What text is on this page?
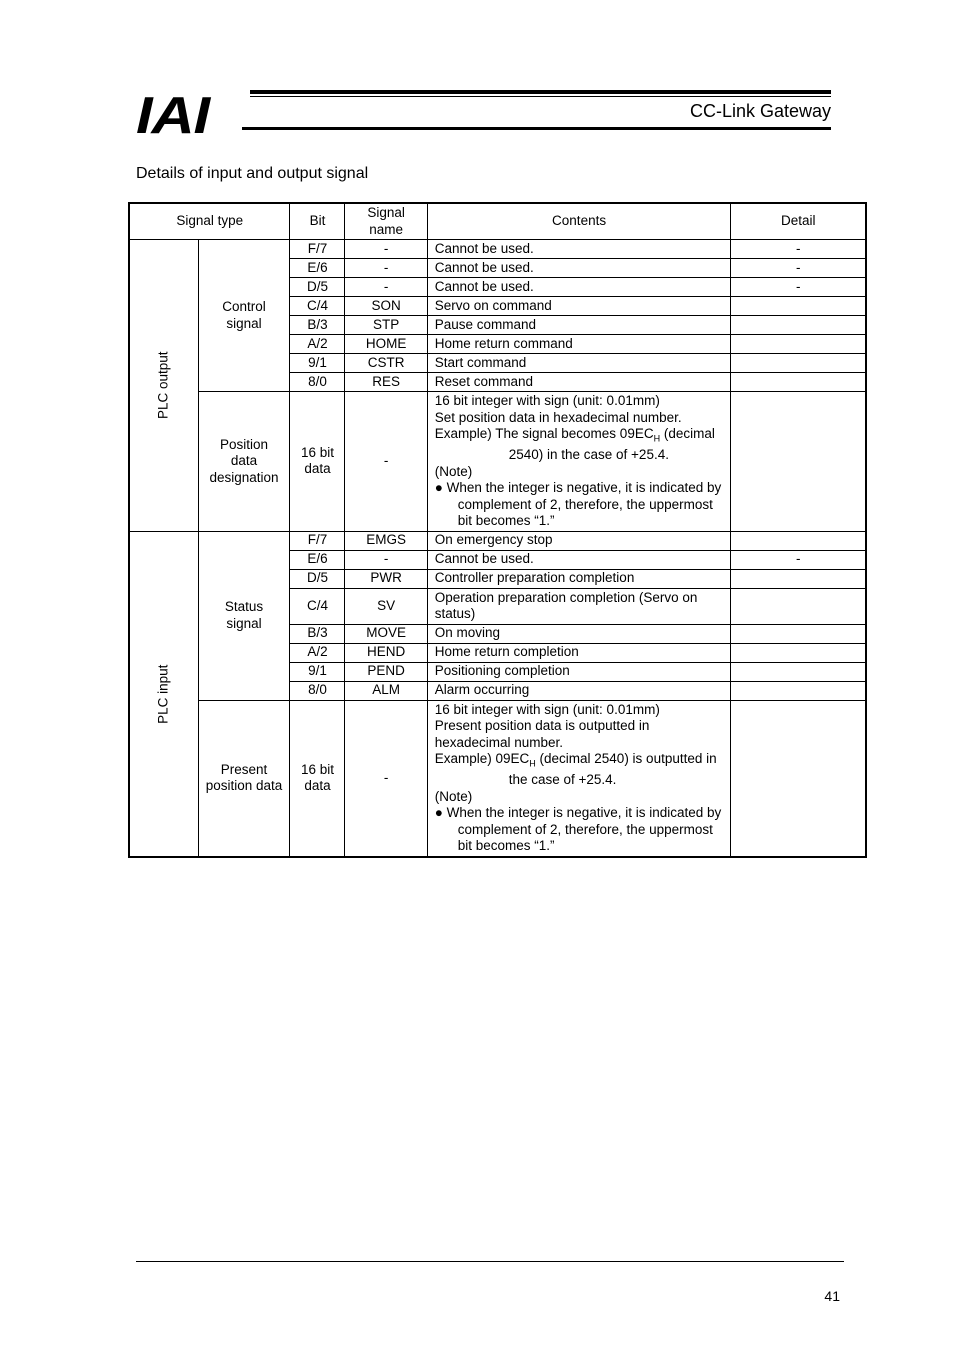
IAI	CC-Link Gateway
Details of input and output signal
Signal type		Bit	Signal name	Contents	Detail
PLC output	Control signal	F/7	-	Cannot be used.	-
		E/6	-	Cannot be used.	-
		D/5	-	Cannot be used.	-
		C/4	SON	Servo on command	
		B/3	STP	Pause command	
		A/2	HOME	Home return command	
		9/1	CSTR	Start command	
		8/0	RES	Reset command	
	Position data designation	16 bit data	-	16 bit integer with sign (unit: 0.01mm)
Set position data in hexadecimal number.
Example) The signal becomes $09EC_H$ (decimal 2540) in the case of +25.4.
(Note)
● When the integer is negative, it is indicated by complement of 2, therefore, the uppermost bit becomes “1.”	

PLC input	Status signal	F/7	EMGS	On emergency stop	
		E/6	-	Cannot be used.	-
		D/5	PWR	Controller preparation completion	
		C/4	SV	Operation preparation completion (Servo on status)	
		B/3	MOVE	On moving	
		A/2	HEND	Home return completion	
		9/1	PEND	Positioning completion	
		8/0	ALM	Alarm occurring	
	Present position data	16 bit data	-	16 bit integer with sign (unit: 0.01mm)
Present position data is outputted in hexadecimal number.
Example) $09EC_H$ (decimal 2540) is outputted in the case of +25.4.
(Note)
● When the integer is negative, it is indicated by complement of 2, therefore, the uppermost bit becomes “1.”	

41
